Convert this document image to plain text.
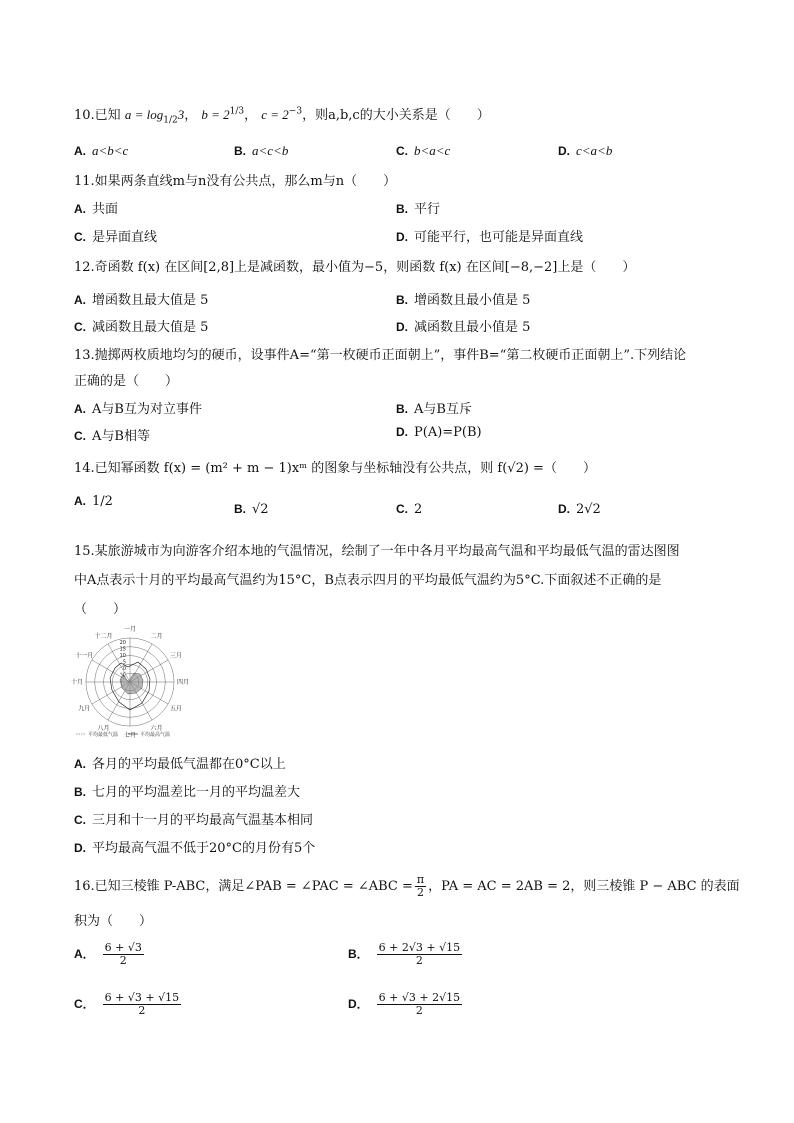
10.已知 $a = \log_{1/2}3$， $b = 2^{1/3}$， $c = 2^{-3}$，则a,b,c的大小关系是（　　）
A. a<b<c	B. a<c<b	C. b<a<c	D. c<a<b
11.如果两条直线m与n没有公共点，那么m与n（　　）
A. 共面	B. 平行
C. 是异面直线	D. 可能平行，也可能是异面直线
12.奇函数 f(x) 在区间[2,8]上是减函数，最小值为−5，则函数 f(x) 在区间[−8,−2]上是（　　）
A. 增函数且最大值是 5	B. 增函数且最小值是 5
C. 减函数且最大值是 5	D. 减函数且最小值是 5
13.抛掷两枚质地均匀的硬币，设事件A=“第一枚硬币正面朝上”，事件B=“第二枚硬币正面朝上”.下列结论
正确的是（　　）
A. A与B互为对立事件	B. A与B互斥
C. A与B相等	D. P(A)=P(B)
14.已知幂函数 f(x) = (m² + m − 1)xᵐ 的图象与坐标轴没有公共点，则 f(√2) =（　　）
A. 1/2	B. √2	C. 2	D. 2√2
15.某旅游城市为向游客介绍本地的气温情况，绘制了一年中各月平均最高气温和平均最低气温的雷达图图
中A点表示十月的平均最高气温约为15°C，B点表示四月的平均最低气温约为5°C.下面叙述不正确的是
（　　）
一月
二月
三月
四月
五月
六月
七月
八月
九月
十月
十一月
十二月
20
15
10
5
0
°C
平均最低气温	平均最高气温
A. 各月的平均最低气温都在0°C以上
B. 七月的平均温差比一月的平均温差大
C. 三月和十一月的平均最高气温基本相同
D. 平均最高气温不低于20°C的月份有5个
16.已知三棱锥 P-ABC，满足∠PAB = ∠PAC = ∠ABC = $\frac{\pi}{2}$ ，PA = AC = 2AB = 2，则三棱锥 P − ABC 的表面
积为（　　）
A． $\frac{6 + √3}{2}$	B． $\frac{6 + 2√3 + √15}{2}$
C． $\frac{6 + √3 + √15}{2}$	D． $\frac{6 + √3 + 2√15}{2}$
